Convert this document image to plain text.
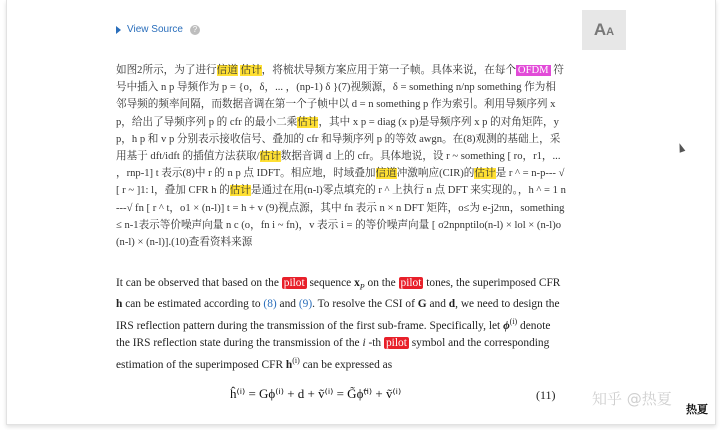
View Source	?	A A
如图2所示，为了进行信道 估计，将梳状导频方案应用于第一子帧。具体来说，在每个 OFDM 符号中插入 n p 导频作为 p = {o，δ，... ，(np-1) δ }(7)视频源，δ = something n/np something 作为相邻导频的频率间隔，而数据音调在第一个子帧中以 d = n something p 作为索引。利用导频序列 x p，给出了导频序列 p 的 cfr 的最小二乘估计，其中 x p = diag (x p)是导频序列 x p 的对角矩阵，y p，h p 和 v p 分别表示接收信号、叠加的 cfr 和导频序列 p 的等效 awgn。在(8)观测的基础上，采用基于 dft/idft 的插值方法获取/估计数据音调 d 上的 cfr。具体地说，设 r ~ something [ ro，r1，... ，rnp-1] t 表示(8)中 r 的 n p 点 IDFT。相应地，时域叠加信道冲激响应(CIR)的估计是 r ^ = n-p--- √[ r ~ ]1: l，叠加 CFR h 的估计是通过在用(n-l)零点填充的 r ^ 上执行 n 点 DFT 来实现的。，h ^ = 1 n---√ fn [ r ^ t，o1 × (n-l)] t = h + v (9)视点源，其中 fn 表示 n × n DFT 矩阵，o≤为 e-j2πn，something ≤ n-1表示等价噪声向量 n c (o，fn i ~ fn)，v 表示 i = 的等价噪声向量 [ σ2npnptilo(n-l) × lol × (n-l)o(n-l) × (n-l)].(10)查看资料来源
It can be observed that based on the pilot sequence $x_P$ on the pilot tones, the superimposed CFR h can be estimated according to (8) and (9). To resolve the CSI of G and d, we need to design the IRS reflection pattern during the transmission of the first sub-frame. Specifically, let $\phi^{(i)}$ denote the IRS reflection state during the transmission of the i -th pilot symbol and the corresponding estimation of the superimposed CFR $h^{(i)}$ can be expressed as
ĥ⁽ⁱ⁾ = Gϕ⁽ⁱ⁾ + d + ṽ⁽ⁱ⁾ = G̃ϕ̃⁽ⁱ⁾ + ṽ⁽ⁱ⁾	(11) 知乎 @热夏
热夏
